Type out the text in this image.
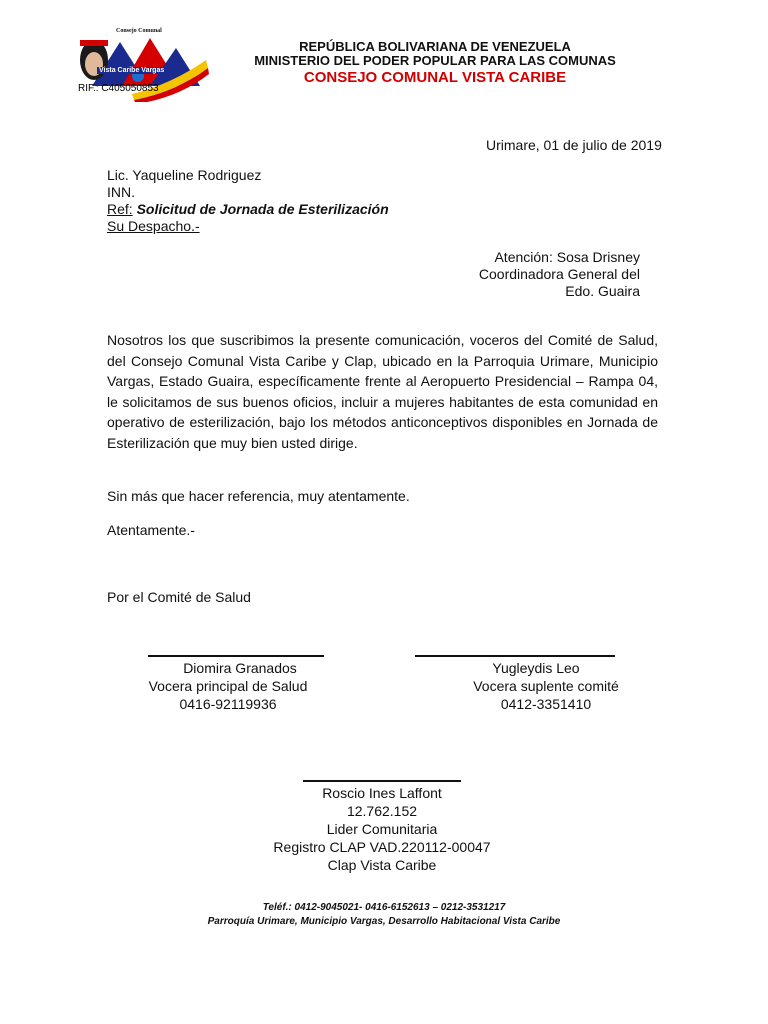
Consejo Comunal
Vista Caribe Vargas
RIF.: C405050853
REPÚBLICA BOLIVARIANA DE VENEZUELA
MINISTERIO DEL PODER POPULAR PARA LAS COMUNAS
CONSEJO COMUNAL VISTA CARIBE
Urimare, 01 de julio de 2019
Lic. Yaqueline Rodriguez
INN.
Ref: Solicitud de Jornada de Esterilización
Su Despacho.-
Atención: Sosa Drisney
Coordinadora General del
Edo. Guaira

Nosotros los que suscribimos la presente comunicación, voceros del Comité de Salud, del Consejo Comunal Vista Caribe y Clap, ubicado en la Parroquia Urimare, Municipio Vargas, Estado Guaira, específicamente frente al Aeropuerto Presidencial – Rampa 04, le solicitamos de sus buenos oficios, incluir a mujeres habitantes de esta comunidad en operativo de esterilización, bajo los métodos anticonceptivos disponibles en Jornada de Esterilización que muy bien usted dirige.

Sin más que hacer referencia, muy atentamente.
Atentamente.-
Por el Comité de Salud
Diomira Granados
Vocera principal de Salud
0416-92119936
Yugleydis Leo
Vocera suplente comité
0412-3351410
Roscio Ines Laffont
12.762.152
Lider Comunitaria
Registro CLAP VAD.220112-00047
Clap Vista Caribe
Teléf.: 0412-9045021- 0416-6152613 – 0212-3531217
Parroquía Urimare, Municipio Vargas, Desarrollo Habitacional Vista Caribe
